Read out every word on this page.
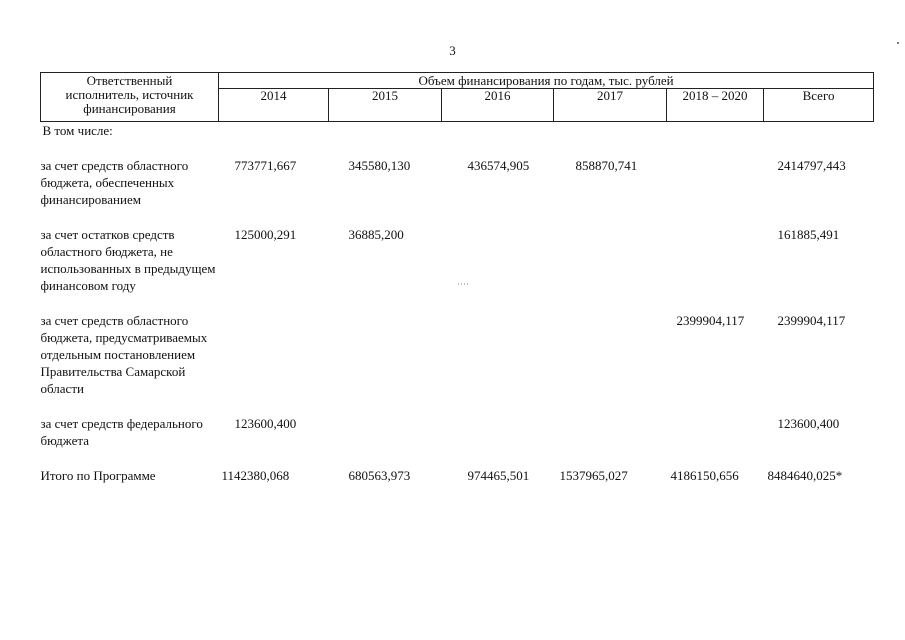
3
Ответственный исполнитель, источник финансирования	Объем финансирования по годам, тыс. рублей					
	2014	2015	2016	2017	2018 – 2020	Всего
В том числе:						

за счет средств областного бюджета, обеспеченных финансированием	773771,667	345580,130	436574,905	858870,741		2414797,443

за счет остатков средств областного бюджета, не использованных в предыдущем финансовом году	125000,291	36885,200				161885,491

за счет средств областного бюджета, предусматриваемых отдельным постановлением Правительства Самарской области					2399904,117	2399904,117

за счет средств федерального бюджета	123600,400					123600,400

Итого по Программе	1142380,068	680563,973	974465,501	1537965,027	4186150,656	8484640,025*
